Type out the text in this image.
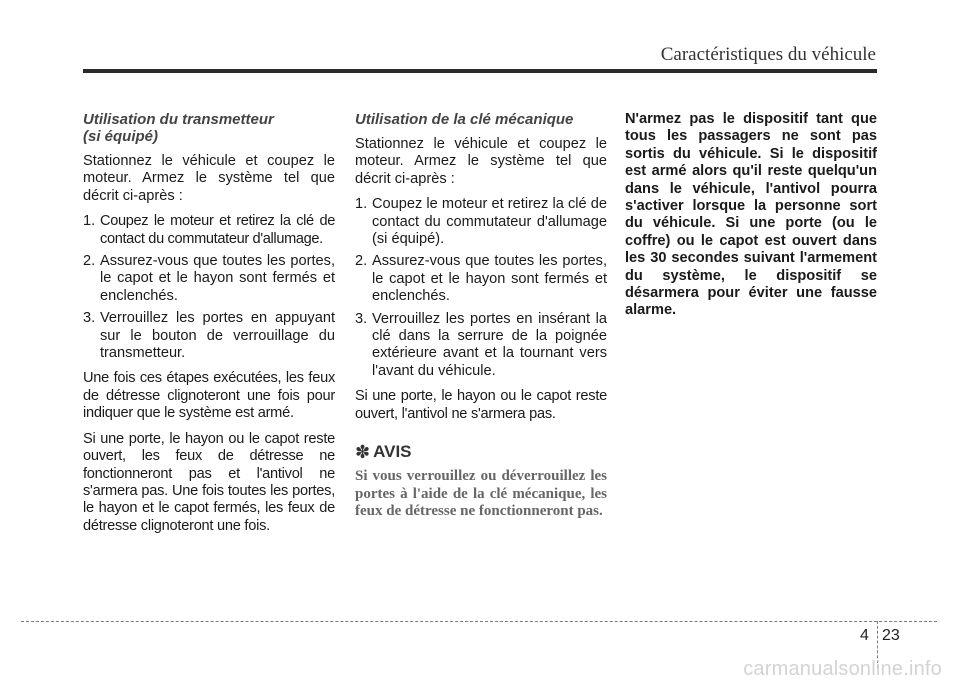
Caractéristiques du véhicule
Utilisation du transmetteur
(si équipé)

Stationnez le véhicule et coupez le moteur. Armez le système tel que décrit ci-après :

1. Coupez le moteur et retirez la clé de contact du commutateur d'allumage.
2. Assurez-vous que toutes les portes, le capot et le hayon sont fermés et enclenchés.
3. Verrouillez les portes en appuyant sur le bouton de verrouillage du transmetteur.

Une fois ces étapes exécutées, les feux de détresse clignoteront une fois pour indiquer que le système est armé.

Si une porte, le hayon ou le capot reste ouvert, les feux de détresse ne fonctionneront pas et l'antivol ne s'armera pas. Une fois toutes les portes, le hayon et le capot fermés, les feux de détresse clignoteront une fois.

Utilisation de la clé mécanique

Stationnez le véhicule et coupez le moteur. Armez le système tel que décrit ci-après :

1. Coupez le moteur et retirez la clé de contact du commutateur d'allumage (si équipé).
2. Assurez-vous que toutes les portes, le capot et le hayon sont fermés et enclenchés.
3. Verrouillez les portes en insérant la clé dans la serrure de la poignée extérieure avant et la tournant vers l'avant du véhicule.

Si une porte, le hayon ou le capot reste ouvert, l'antivol ne s'armera pas.

✽ AVIS

Si vous verrouillez ou déverrouillez les portes à l'aide de la clé mécanique, les feux de détresse ne fonctionneront pas.

N'armez pas le dispositif tant que tous les passagers ne sont pas sortis du véhicule. Si le dispositif est armé alors qu'il reste quelqu'un dans le véhicule, l'antivol pourra s'activer lorsque la personne sort du véhicule. Si une porte (ou le coffre) ou le capot est ouvert dans les 30 secondes suivant l'armement du système, le dispositif se désarmera pour éviter une fausse alarme.

4 23
carmanualsonline.info
